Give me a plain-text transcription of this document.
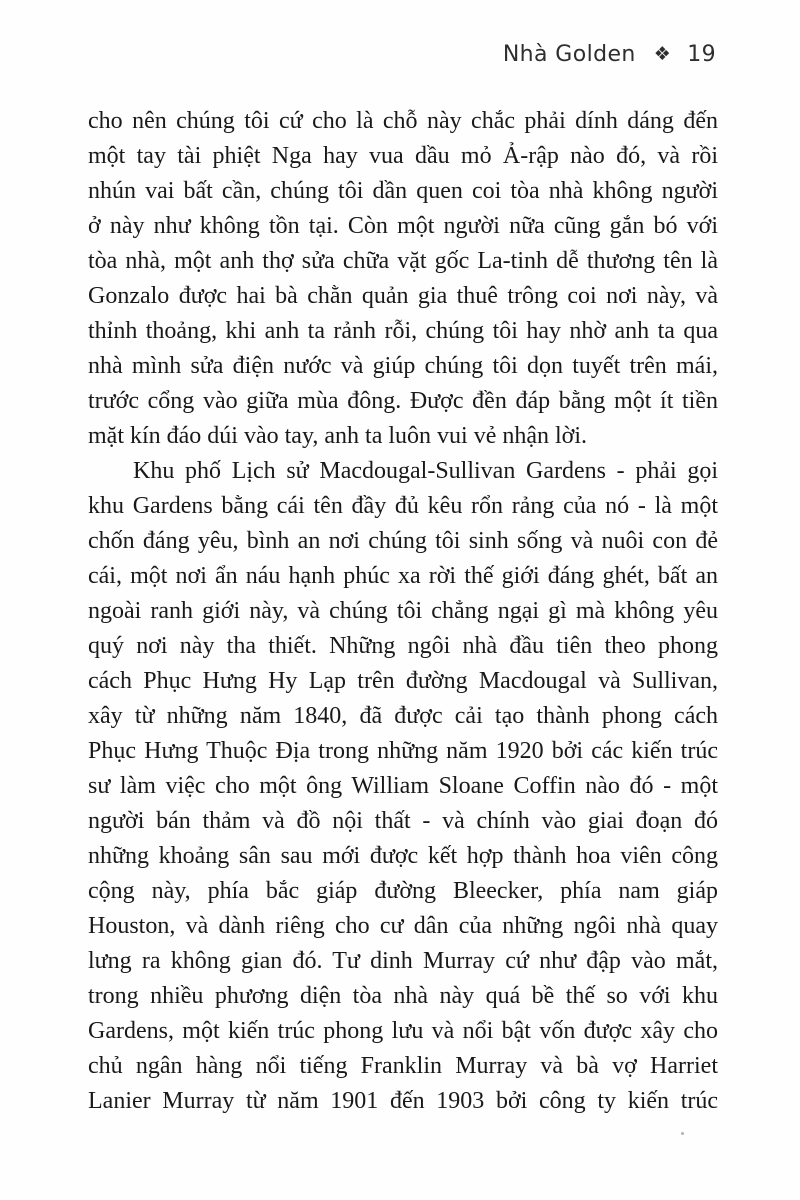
Nhà Golden ❖ 19
cho nên chúng tôi cứ cho là chỗ này chắc phải dính dáng đến
một tay tài phiệt Nga hay vua dầu mỏ Ả-rập nào đó, và rồi
nhún vai bất cần, chúng tôi dần quen coi tòa nhà không người
ở này như không tồn tại. Còn một người nữa cũng gắn bó với
tòa nhà, một anh thợ sửa chữa vặt gốc La-tinh dễ thương tên là
Gonzalo được hai bà chằn quản gia thuê trông coi nơi này, và
thỉnh thoảng, khi anh ta rảnh rỗi, chúng tôi hay nhờ anh ta qua
nhà mình sửa điện nước và giúp chúng tôi dọn tuyết trên mái,
trước cổng vào giữa mùa đông. Được đền đáp bằng một ít tiền
mặt kín đáo dúi vào tay, anh ta luôn vui vẻ nhận lời.
Khu phố Lịch sử Macdougal-Sullivan Gardens - phải gọi
khu Gardens bằng cái tên đầy đủ kêu rổn rảng của nó - là một
chốn đáng yêu, bình an nơi chúng tôi sinh sống và nuôi con đẻ
cái, một nơi ẩn náu hạnh phúc xa rời thế giới đáng ghét, bất an
ngoài ranh giới này, và chúng tôi chẳng ngại gì mà không yêu
quý nơi này tha thiết. Những ngôi nhà đầu tiên theo phong
cách Phục Hưng Hy Lạp trên đường Macdougal và Sullivan,
xây từ những năm 1840, đã được cải tạo thành phong cách
Phục Hưng Thuộc Địa trong những năm 1920 bởi các kiến trúc
sư làm việc cho một ông William Sloane Coffin nào đó - một
người bán thảm và đồ nội thất - và chính vào giai đoạn đó
những khoảng sân sau mới được kết hợp thành hoa viên công
cộng này, phía bắc giáp đường Bleecker, phía nam giáp
Houston, và dành riêng cho cư dân của những ngôi nhà quay
lưng ra không gian đó. Tư dinh Murray cứ như đập vào mắt,
trong nhiều phương diện tòa nhà này quá bề thế so với khu
Gardens, một kiến trúc phong lưu và nổi bật vốn được xây cho
chủ ngân hàng nổi tiếng Franklin Murray và bà vợ Harriet
Lanier Murray từ năm 1901 đến 1903 bởi công ty kiến trúc
